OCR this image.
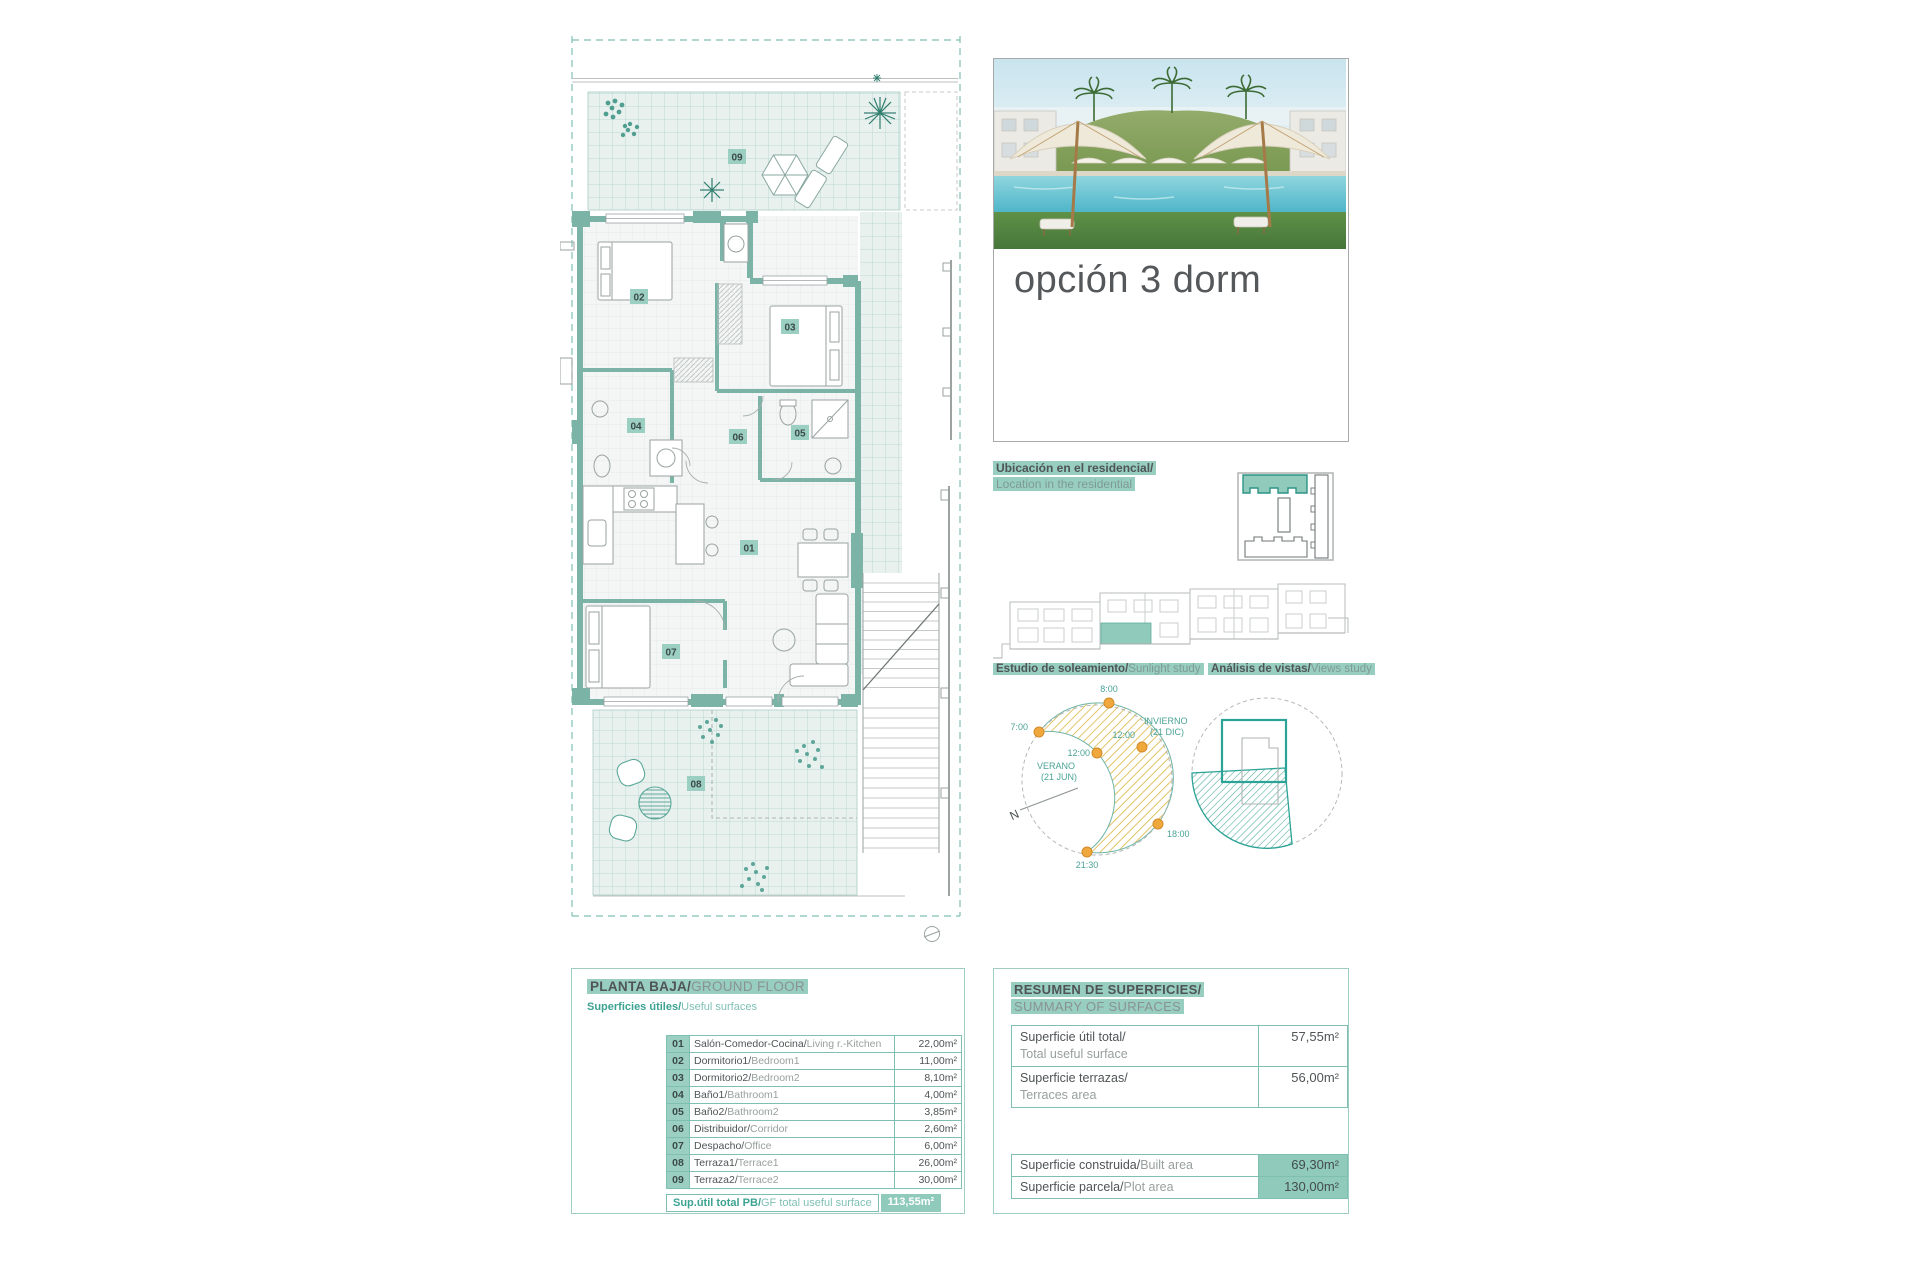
01
02
03
04
05
06
07
08
09
opción 3 dorm
Ubicación en el residencial/
Location in the residential
Estudio de soleamiento/Sunlight study Análisis de vistas/Views study
8:00
7:00
12:00
12:00
18:00
21:30
VERANO
(21 JUN)
INVIERNO
(21 DIC)
N
PLANTA BAJA/GROUND FLOOR
Superficies útiles/Useful surfaces
01	Salón-Comedor-Cocina/Living r.-Kitchen	22,00m²
02	Dormitorio1/Bedroom1	11,00m²
03	Dormitorio2/Bedroom2	8,10m²
04	Baño1/Bathroom1	4,00m²
05	Baño2/Bathroom2	3,85m²
06	Distribuidor/Corridor	2,60m²
07	Despacho/Office	6,00m²
08	Terraza1/Terrace1	26,00m²
09	Terraza2/Terrace2	30,00m²
Sup.útil total PB/GF total useful surface	113,55m²
RESUMEN DE SUPERFICIES/
SUMMARY OF SURFACES
Superficie útil total/
Total useful surface	57,55m²
Superficie terrazas/
Terraces area	56,00m²
Superficie construida/Built area	69,30m²
Superficie parcela/Plot area	130,00m²
